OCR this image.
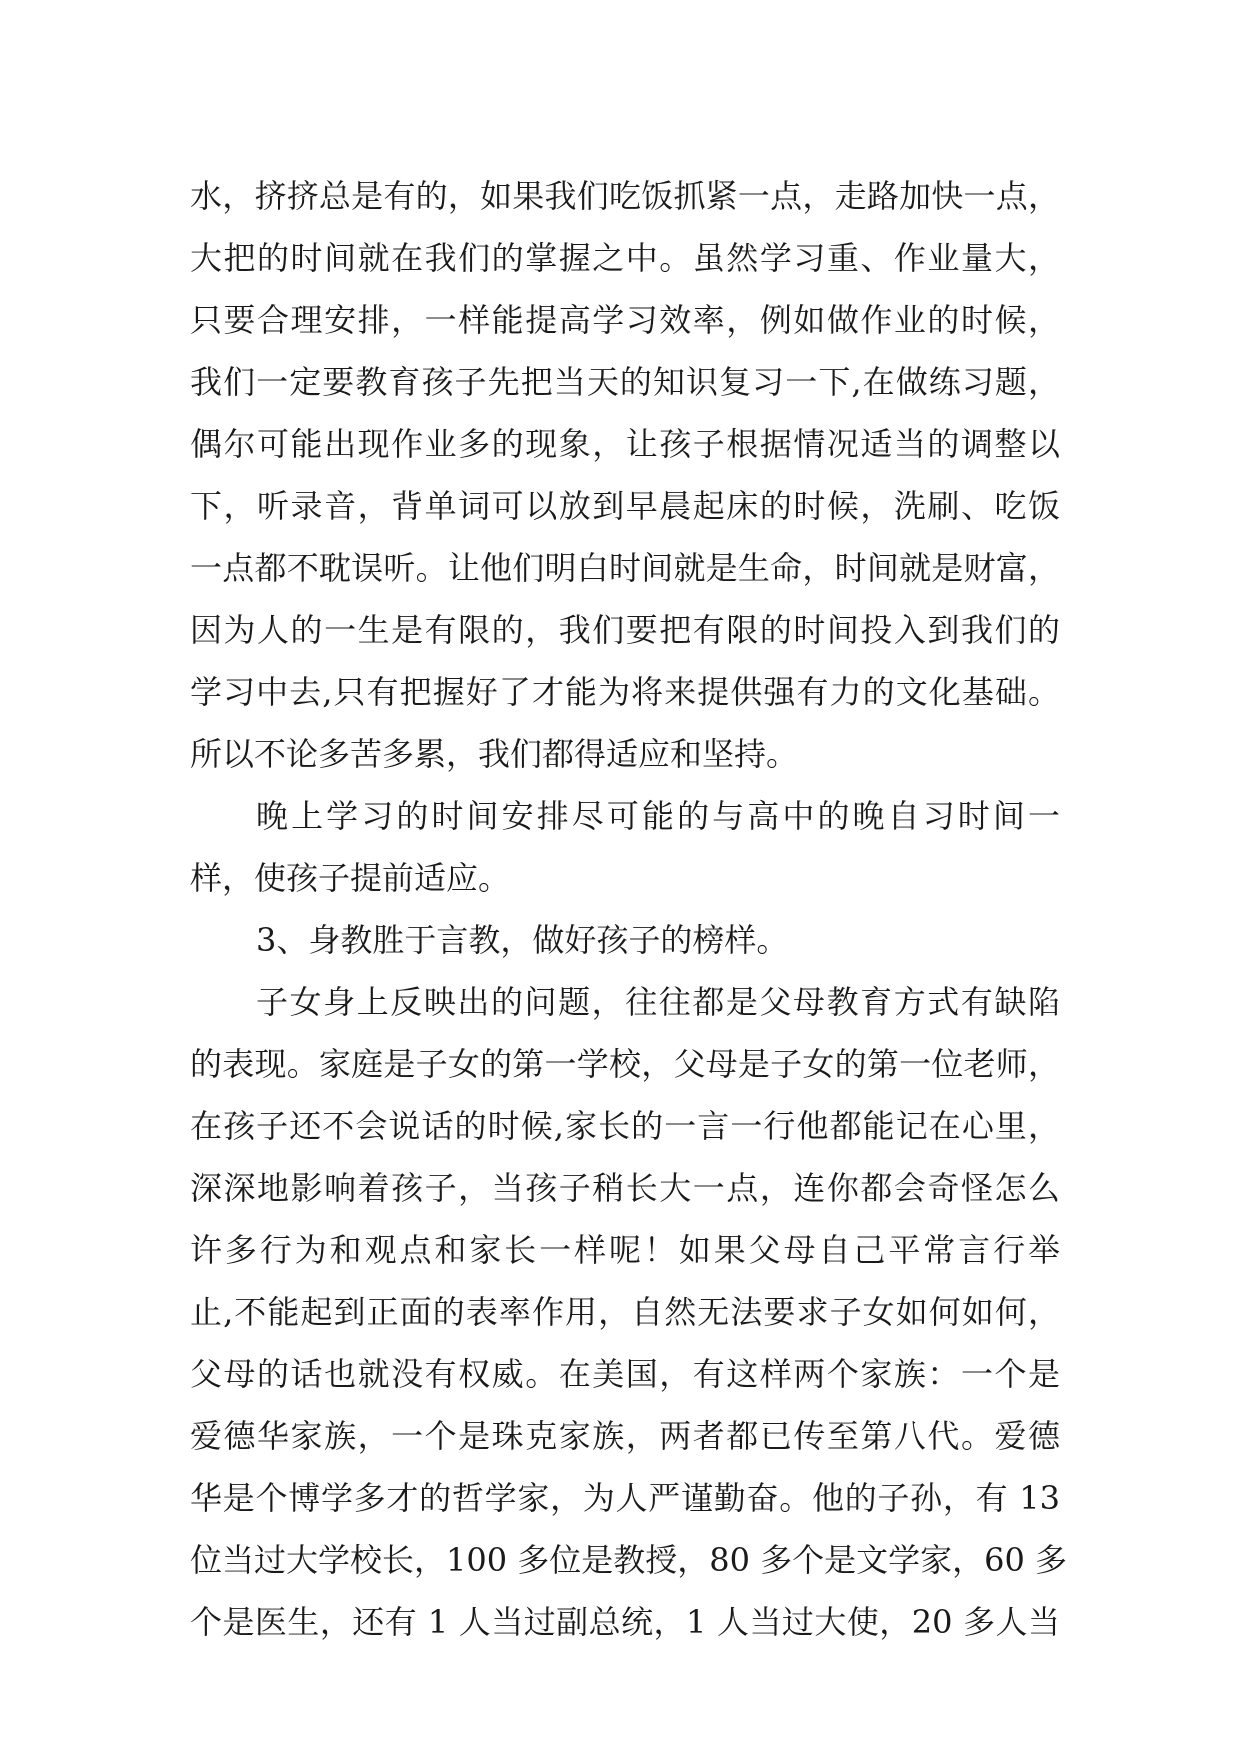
水，挤挤总是有的，如果我们吃饭抓紧一点，走路加快一点，
大把的时间就在我们的掌握之中。虽然学习重、作业量大，
只要合理安排，一样能提高学习效率，例如做作业的时候，
我们一定要教育孩子先把当天的知识复习一下,在做练习题，
偶尔可能出现作业多的现象，让孩子根据情况适当的调整以
下，听录音，背单词可以放到早晨起床的时候，洗刷、吃饭
一点都不耽误听。让他们明白时间就是生命，时间就是财富，
因为人的一生是有限的，我们要把有限的时间投入到我们的
学习中去,只有把握好了才能为将来提供强有力的文化基础。
所以不论多苦多累，我们都得适应和坚持。
晚上学习的时间安排尽可能的与高中的晚自习时间一
样，使孩子提前适应。
3、身教胜于言教，做好孩子的榜样。
子女身上反映出的问题，往往都是父母教育方式有缺陷
的表现。家庭是子女的第一学校，父母是子女的第一位老师，
在孩子还不会说话的时候,家长的一言一行他都能记在心里，
深深地影响着孩子，当孩子稍长大一点，连你都会奇怪怎么
许多行为和观点和家长一样呢！如果父母自己平常言行举
止,不能起到正面的表率作用，自然无法要求子女如何如何，
父母的话也就没有权威。在美国，有这样两个家族：一个是
爱德华家族，一个是珠克家族，两者都已传至第八代。爱德
华是个博学多才的哲学家，为人严谨勤奋。他的子孙，有 13
位当过大学校长，100 多位是教授，80 多个是文学家，60 多
个是医生，还有 1 人当过副总统，1 人当过大使，20 多人当
